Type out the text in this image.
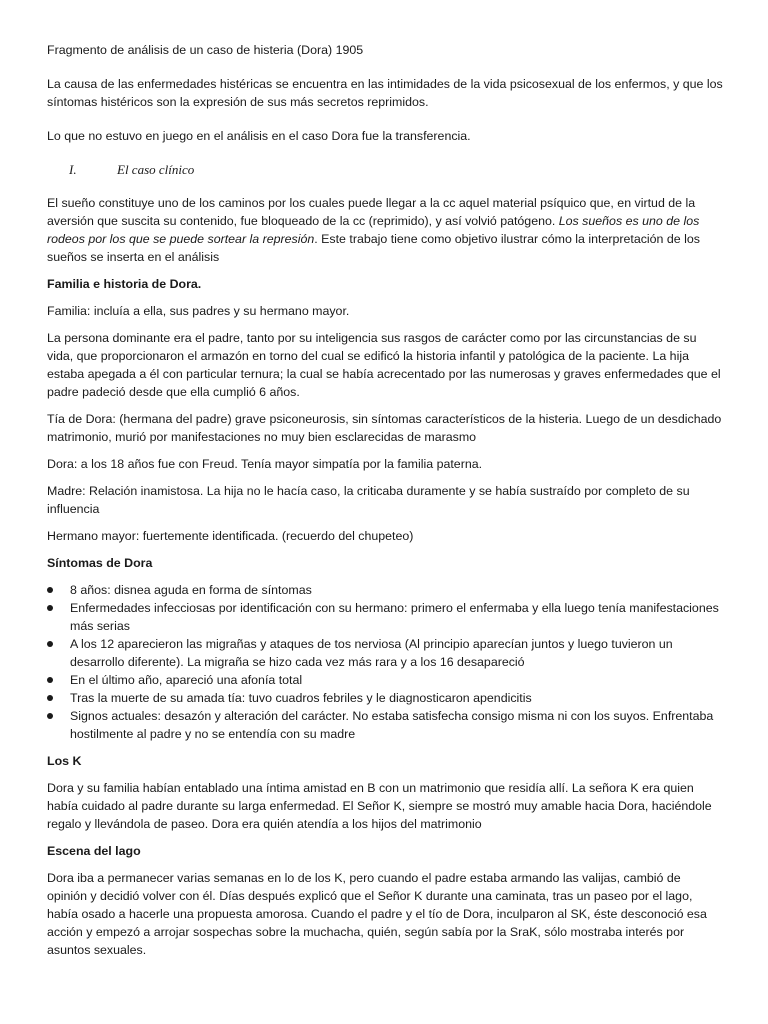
Fragmento de análisis de un caso de histeria (Dora) 1905

La causa de las enfermedades histéricas se encuentra en las intimidades de la vida psicosexual de los enfermos, y que los síntomas histéricos son la expresión de sus más secretos reprimidos.

Lo que no estuvo en juego en el análisis en el caso Dora fue la transferencia.

I.	El caso clínico

El sueño constituye uno de los caminos por los cuales puede llegar a la cc aquel material psíquico que, en virtud de la aversión que suscita su contenido, fue bloqueado de la cc (reprimido), y así volvió patógeno. Los sueños es uno de los rodeos por los que se puede sortear la represión. Este trabajo tiene como objetivo ilustrar cómo la interpretación de los sueños se inserta en el análisis

Familia e historia de Dora.

Familia: incluía a ella, sus padres y su hermano mayor.

La persona dominante era el padre, tanto por su inteligencia sus rasgos de carácter como por las circunstancias de su vida, que proporcionaron el armazón en torno del cual se edificó la historia infantil y patológica de la paciente. La hija estaba apegada a él con particular ternura; la cual se había acrecentado por las numerosas y graves enfermedades que el padre padeció desde que ella cumplió 6 años.

Tía de Dora: (hermana del padre) grave psiconeurosis, sin síntomas característicos de la histeria. Luego de un desdichado matrimonio, murió por manifestaciones no muy bien esclarecidas de marasmo

Dora: a los 18 años fue con Freud. Tenía mayor simpatía por la familia paterna.

Madre: Relación inamistosa. La hija no le hacía caso, la criticaba duramente y se había sustraído por completo de su influencia

Hermano mayor: fuertemente identificada. (recuerdo del chupeteo)

Síntomas de Dora

8 años: disnea aguda en forma de síntomas
Enfermedades infecciosas por identificación con su hermano: primero el enfermaba y ella luego tenía manifestaciones más serias
A los 12 aparecieron las migrañas y ataques de tos nerviosa (Al principio aparecían juntos y luego tuvieron un desarrollo diferente). La migraña se hizo cada vez más rara y a los 16 desapareció
En el último año, apareció una afonía total
Tras la muerte de su amada tía: tuvo cuadros febriles y le diagnosticaron apendicitis
Signos actuales: desazón y alteración del carácter. No estaba satisfecha consigo misma ni con los suyos. Enfrentaba hostilmente al padre y no se entendía con su madre

Los K

Dora y su familia habían entablado una íntima amistad en B con un matrimonio que residía allí. La señora K era quien había cuidado al padre durante su larga enfermedad. El Señor K, siempre se mostró muy amable hacia Dora, haciéndole regalo y llevándola de paseo. Dora era quién atendía a los hijos del matrimonio

Escena del lago

Dora iba a permanecer varias semanas en lo de los K, pero cuando el padre estaba armando las valijas, cambió de opinión y decidió volver con él. Días después explicó que el Señor K durante una caminata, tras un paseo por el lago, había osado a hacerle una propuesta amorosa. Cuando el padre y el tío de Dora, inculparon al SK, éste desconoció esa acción y empezó a arrojar sospechas sobre la muchacha, quién, según sabía por la SraK, sólo mostraba interés por asuntos sexuales.
